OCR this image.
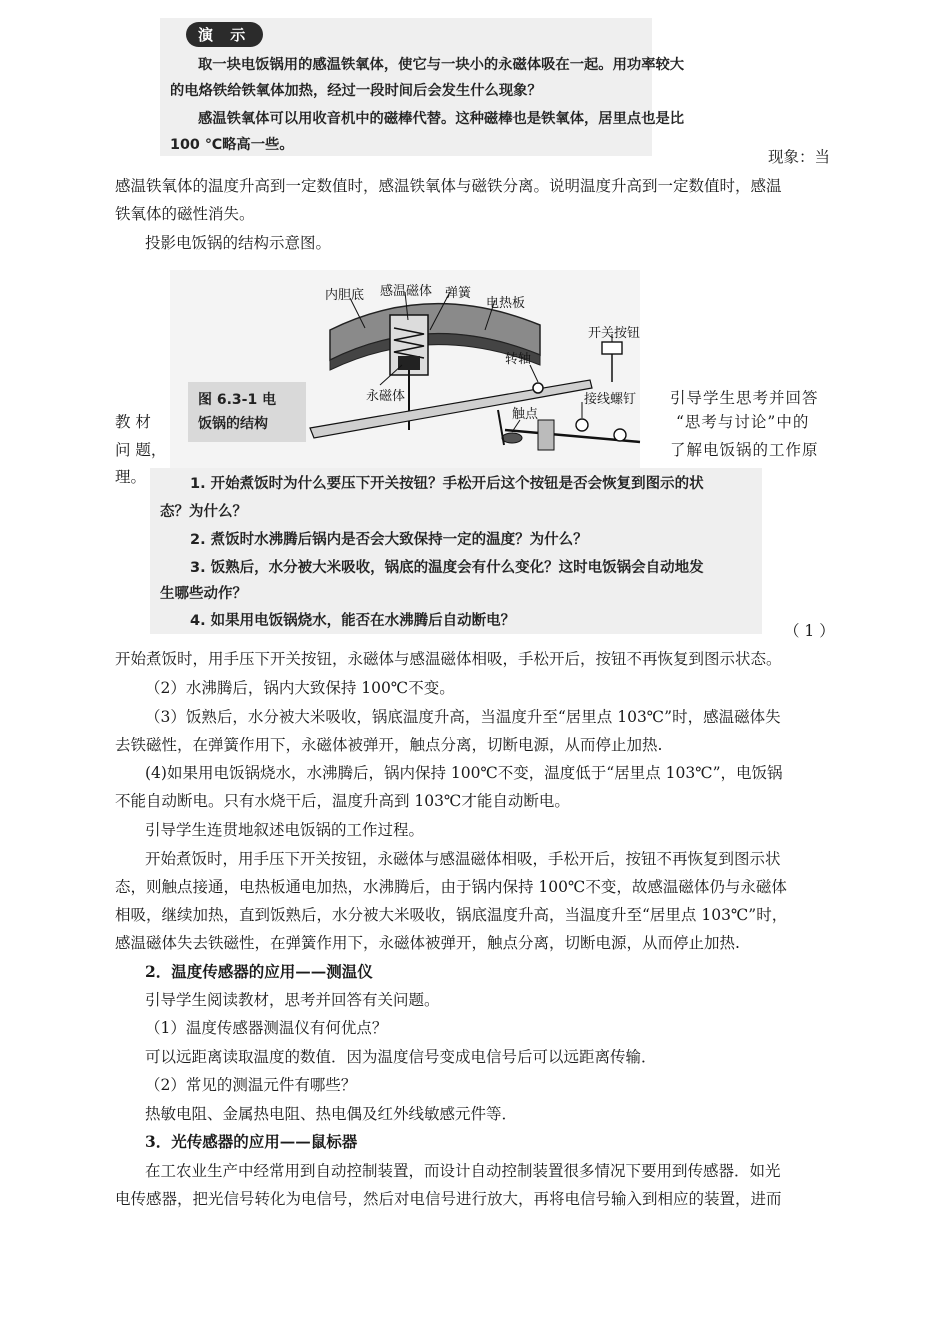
演 示
取一块电饭锅用的感温铁氧体，使它与一块小的永磁体吸在一起。用功率较大
的电烙铁给铁氧体加热，经过一段时间后会发生什么现象？
感温铁氧体可以用收音机中的磁棒代替。这种磁棒也是铁氧体，居里点也是比
100 ℃略高一些。
现象：当
感温铁氧体的温度升高到一定数值时，感温铁氧体与磁铁分离。说明温度升高到一定数值时，感温
铁氧体的磁性消失。
投影电饭锅的结构示意图。
图 6.3-1 电
饭锅的结构
内胆底 感温磁体 弹簧
电热板
开关按钮
转轴
永磁体
触点
接线螺钉 引导学生思考并回答
教 材	“思考与讨论”中的
问 题，	了解电饭锅的工作原
理。	1. 开始煮饭时为什么要压下开关按钮？手松开后这个按钮是否会恢复到图示的状
态？为什么？
2. 煮饭时水沸腾后锅内是否会大致保持一定的温度？为什么？
3. 饭熟后，水分被大米吸收，锅底的温度会有什么变化？这时电饭锅会自动地发
生哪些动作？
4. 如果用电饭锅烧水，能否在水沸腾后自动断电？
（ 1 ）
开始煮饭时，用手压下开关按钮，永磁体与感温磁体相吸，手松开后，按钮不再恢复到图示状态。
（2）水沸腾后，锅内大致保持 100℃不变。
（3）饭熟后，水分被大米吸收，锅底温度升高，当温度升至“居里点 103℃”时，感温磁体失
去铁磁性，在弹簧作用下，永磁体被弹开，触点分离，切断电源，从而停止加热.
(4)如果用电饭锅烧水，水沸腾后，锅内保持 100℃不变，温度低于“居里点 103℃”，电饭锅
不能自动断电。只有水烧干后，温度升高到 103℃才能自动断电。
引导学生连贯地叙述电饭锅的工作过程。
开始煮饭时，用手压下开关按钮，永磁体与感温磁体相吸，手松开后，按钮不再恢复到图示状
态，则触点接通，电热板通电加热，水沸腾后，由于锅内保持 100℃不变，故感温磁体仍与永磁体
相吸，继续加热，直到饭熟后，水分被大米吸收，锅底温度升高，当温度升至“居里点 103℃”时，
感温磁体失去铁磁性，在弹簧作用下，永磁体被弹开，触点分离，切断电源，从而停止加热.
2．温度传感器的应用——测温仪
引导学生阅读教材，思考并回答有关问题。
（1）温度传感器测温仪有何优点？
可以远距离读取温度的数值．因为温度信号变成电信号后可以远距离传输．
（2）常见的测温元件有哪些？
热敏电阻、金属热电阻、热电偶及红外线敏感元件等．
3．光传感器的应用——鼠标器
在工农业生产中经常用到自动控制装置，而设计自动控制装置很多情况下要用到传感器．如光
电传感器，把光信号转化为电信号，然后对电信号进行放大，再将电信号输入到相应的装置，进而
